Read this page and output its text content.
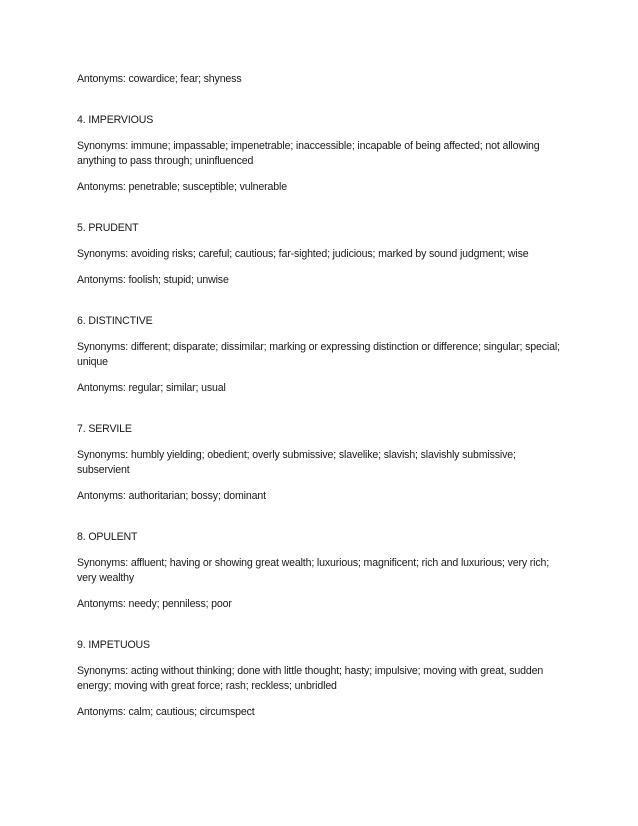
Antonyms: cowardice; fear; shyness

4. IMPERVIOUS

Synonyms: immune; impassable; impenetrable; inaccessible; incapable of being affected; not allowing anything to pass through; uninfluenced

Antonyms: penetrable; susceptible; vulnerable

5. PRUDENT

Synonyms: avoiding risks; careful; cautious; far-sighted; judicious; marked by sound judgment; wise

Antonyms: foolish; stupid; unwise

6. DISTINCTIVE

Synonyms: different; disparate; dissimilar; marking or expressing distinction or difference; singular; special; unique

Antonyms: regular; similar; usual

7. SERVILE

Synonyms: humbly yielding; obedient; overly submissive; slavelike; slavish; slavishly submissive; subservient

Antonyms: authoritarian; bossy; dominant

8. OPULENT

Synonyms: affluent; having or showing great wealth; luxurious; magnificent; rich and luxurious; very rich; very wealthy

Antonyms: needy; penniless; poor

9. IMPETUOUS

Synonyms: acting without thinking; done with little thought; hasty; impulsive; moving with great, sudden energy; moving with great force; rash; reckless; unbridled

Antonyms: calm; cautious; circumspect
